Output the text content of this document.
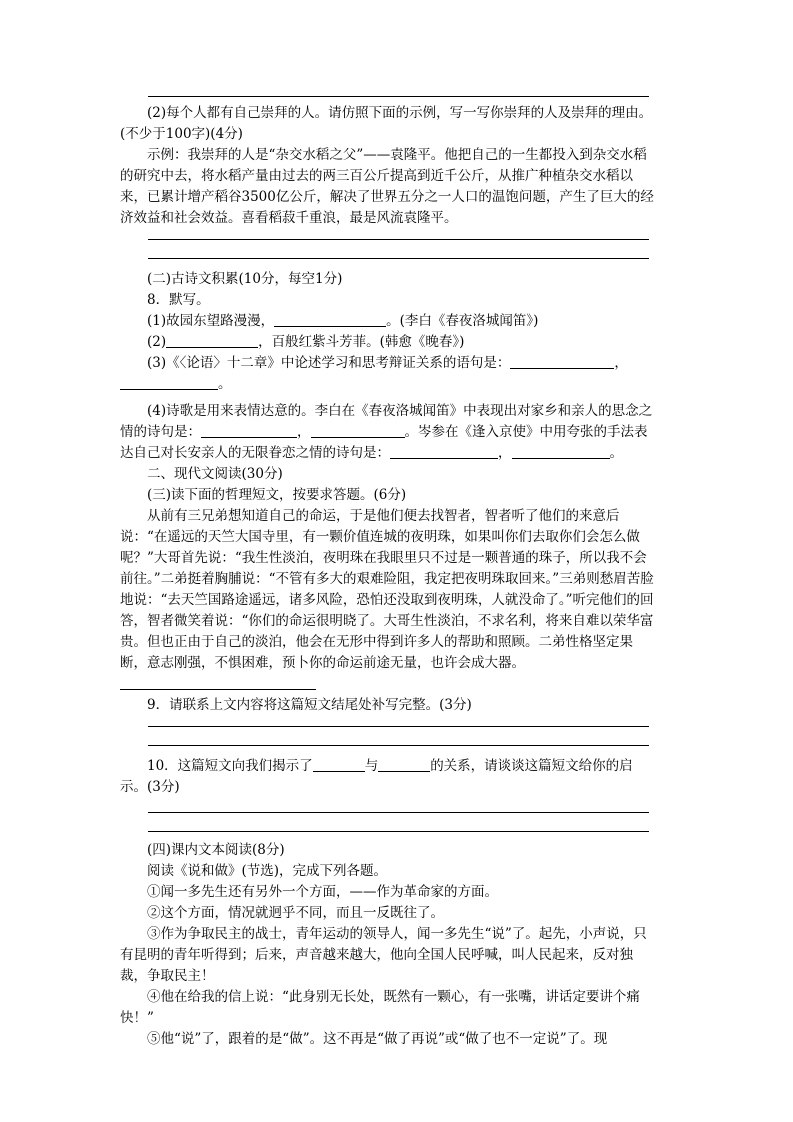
(2)每个人都有自己崇拜的人。请仿照下面的示例，写一写你崇拜的人及崇拜的理由。(不少于100字)(4分)

示例：我崇拜的人是“杂交水稻之父”——袁隆平。他把自己的一生都投入到杂交水稻的研究中去，将水稻产量由过去的两三百公斤提高到近千公斤，从推广种植杂交水稻以来，已累计增产稻谷3500亿公斤，解决了世界五分之一人口的温饱问题，产生了巨大的经济效益和社会效益。喜看稻菽千重浪，最是风流袁隆平。

(二)古诗文积累(10分，每空1分)

8．默写。

(1)故园东望路漫漫，	。(李白《春夜洛城闻笛》)

(2)	，百般红紫斗芳菲。(韩愈《晚春》)

(3)《〈论语〉十二章》中论述学习和思考辩证关系的语句是：	，。

(4)诗歌是用来表情达意的。李白在《春夜洛城闻笛》中表现出对家乡和亲人的思念之情的诗句是：	，	。岑参在《逢入京使》中用夸张的手法表达自己对长安亲人的无限眷恋之情的诗句是：	，	。

二、现代文阅读(30分)

(三)读下面的哲理短文，按要求答题。(6分)

从前有三兄弟想知道自己的命运，于是他们便去找智者，智者听了他们的来意后说：“在遥远的天竺大国寺里，有一颗价值连城的夜明珠，如果叫你们去取你们会怎么做呢？”大哥首先说：“我生性淡泊，夜明珠在我眼里只不过是一颗普通的珠子，所以我不会前往。”二弟挺着胸脯说：“不管有多大的艰难险阻，我定把夜明珠取回来。”三弟则愁眉苦脸地说：“去天竺国路途遥远，诸多风险，恐怕还没取到夜明珠，人就没命了。”听完他们的回答，智者微笑着说：“你们的命运很明晓了。大哥生性淡泊，不求名利，将来自难以荣华富贵。但也正由于自己的淡泊，他会在无形中得到许多人的帮助和照顾。二弟性格坚定果断，意志刚强，不惧困难，预卜你的命运前途无量，也许会成大器。

9．请联系上文内容将这篇短文结尾处补写完整。(3分)

10．这篇短文向我们揭示了	与	的关系，请谈谈这篇短文给你的启示。(3分)

(四)课内文本阅读(8分)

阅读《说和做》(节选)，完成下列各题。

①闻一多先生还有另外一个方面，——作为革命家的方面。

②这个方面，情况就迥乎不同，而且一反既往了。

③作为争取民主的战士，青年运动的领导人，闻一多先生“说”了。起先，小声说，只有昆明的青年听得到；后来，声音越来越大，他向全国人民呼喊，叫人民起来，反对独裁，争取民主！

④他在给我的信上说：“此身别无长处，既然有一颗心，有一张嘴，讲话定要讲个痛快！”

⑤他“说”了，跟着的是“做”。这不再是“做了再说”或“做了也不一定说”了。现
